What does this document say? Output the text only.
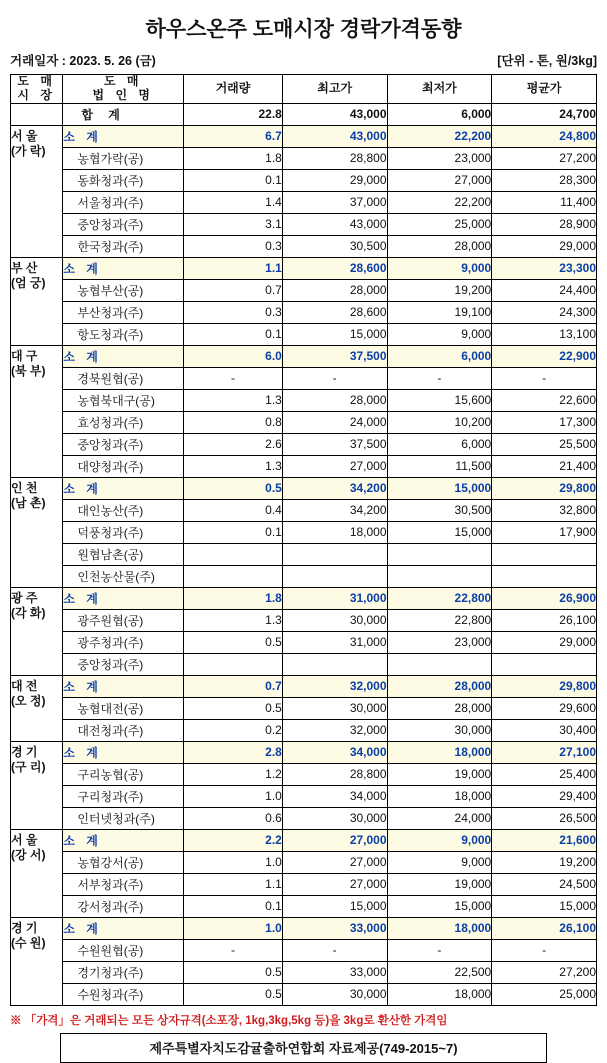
하우스온주 도매시장 경락가격동향
거래일자 : 2023. 5. 26 (금)	[단위 - 톤, 원/3kg]
도 매
시 장	도 매
법 인 명	거래량	최고가	최저가	평균가
	합 계	22.8	43,000	6,000	24,700

서 울
(가 락)	소 계	6.7	43,000	22,200	24,800
	농협가락(공)	1.8	28,800	23,000	27,200
	동화청과(주)	0.1	29,000	27,000	28,300
	서울청과(주)	1.4	37,000	22,200	11,400
	중앙청과(주)	3.1	43,000	25,000	28,900
	한국청과(주)	0.3	30,500	28,000	29,000

부 산
(엄 궁)	소 계	1.1	28,600	9,000	23,300
	농협부산(공)	0.7	28,000	19,200	24,400
	부산청과(주)	0.3	28,600	19,100	24,300
	항도청과(주)	0.1	15,000	9,000	13,100

대 구
(북 부)	소 계	6.0	37,500	6,000	22,900
	경북원협(공)	-	-	-	-
	농협북대구(공)	1.3	28,000	15,600	22,600
	효성청과(주)	0.8	24,000	10,200	17,300
	중앙청과(주)	2.6	37,500	6,000	25,500
	대양청과(주)	1.3	27,000	11,500	21,400

인 천
(남 촌)	소 계	0.5	34,200	15,000	29,800
	대인농산(주)	0.4	34,200	30,500	32,800
	덕풍청과(주)	0.1	18,000	15,000	17,900
	원협남촌(공)				
	인천농산물(주)				

광 주
(각 화)	소 계	1.8	31,000	22,800	26,900
	광주원협(공)	1.3	30,000	22,800	26,100
	광주청과(주)	0.5	31,000	23,000	29,000
	중앙청과(주)				

대 전
(오 정)	소 계	0.7	32,000	28,000	29,800
	농협대전(공)	0.5	30,000	28,000	29,600
	대전청과(주)	0.2	32,000	30,000	30,400

경 기
(구 리)	소 계	2.8	34,000	18,000	27,100
	구리농협(공)	1.2	28,800	19,000	25,400
	구리청과(주)	1.0	34,000	18,000	29,400
	인터넷청과(주)	0.6	30,000	24,000	26,500

서 울
(강 서)	소 계	2.2	27,000	9,000	21,600
	농협강서(공)	1.0	27,000	9,000	19,200
	서부청과(주)	1.1	27,000	19,000	24,500
	강서청과(주)	0.1	15,000	15,000	15,000

경 기
(수 원)	소 계	1.0	33,000	18,000	26,100
	수원원협(공)	-	-	-	-
	경기청과(주)	0.5	33,000	22,500	27,200
	수원청과(주)	0.5	30,000	18,000	25,000
※ 「가격」은 거래되는 모든 상자규격(소포장, 1kg,3kg,5kg 등)을 3kg로 환산한 가격임
제주특별자치도감귤출하연합회 자료제공(749-2015~7)
